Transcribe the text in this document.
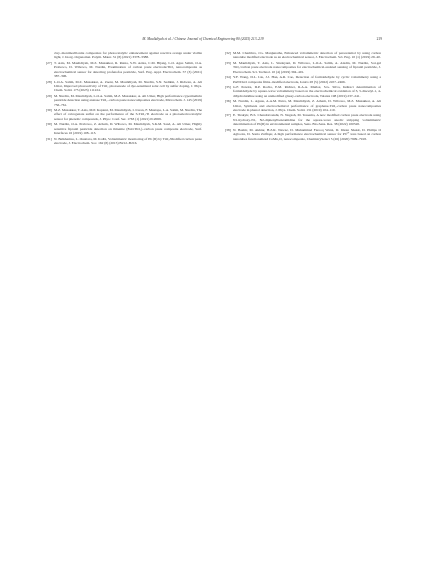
M. Maulidiyah et al. / Chinese Journal of Chemical Engineering 80 (2025) 213–219	219
clay–montmorillonite composites for photocatalytic enhancement against reactive orange under visible light, J. Inorg. Organomet. Polym. Mater. 31 (8) (2021) 3378–3388.
[27] T. Azis, M. Maulidiyah, M.Z. Muzakkar, R. Ratna, S.W. Aziza, C.M. Bijang, L.O. Agus Salim, O.A. Prabowo, D. Wibowo, M. Nurdin, Examination of carbon paste electrode/TiO₂ nanocomposite as electrochemical sensor for detecting profenofos pesticide, Surf. Eng. Appl. Electrochem. 57 (3) (2021) 387–396.
[28] L.O.A. Salim, M.Z. Muzakkar, A. Zaeni, M. Maulidiyah, M. Nurdin, S.N. Sadikin, J. Ridwan, A. Ali Umar, Improved photoactivity of TiO₂ photoanode of dye-sensitized solar cell by sulfur doping, J. Phys. Chem. Solid. 175 (2023) 111224.
[29] M. Nurdin, M. Maulidiyah, L.O.A. Salim, M.Z. Muzakkar, A. Ali Umar, High performance cypermethrin pesticide detection using anatase TiO₂–carbon paste nanocomposites electrode, Microchem. J. 145 (2019) 756–761.
[30] M.Z. Muzakkar, T. Azis, M.P. Kapiani, M. Maulidiyah, I. Irwan, F. Mustapa, L.A. Salim, M. Nurdin, The effect of calcogenate sulfur on the performance of the S-TiO₂/Ti electrode as a photoelectrocatalytic sensor for phenolic compounds, J. Phys.: Conf. Ser. 1763 (1) (2021) 012069.
[30] M. Nurdin, O.A. Prabowo, Z. Arham, D. Wibowo, M. Maulidiyah, S.K.M. Saad, A. Ali Umar, Highly sensitive fipronil pesticide detection on ilmenite (FeO.TiO₂)–carbon paste composite electrode, Surf. Interfaces 16 (2019) 108–113.
[31] N. Belkhamsa, L. Ouattara, M. Kolbi, Voltammetric monitoring of Pb (II) by TiO₂/Modified carbon paste electrode, J. Electrochem. Soc. 162 (8) (2015) B212–B216.
[32] M.M. Charithra, J.G. Manjunatha, Enhanced voltammetric detection of paracetamol by using carbon nanotube modified electrode as an electrochemical sensor, J. Electrochem. Sci. Eng. 10 (1) (2019) 29–40.
[33] M. Maulidiyah, T. Azis, L. Sindayani, D. Wibowo, L.O.A. Salim, A. Aladin, M. Nurdin, Sol-gel TiO₂/carbon paste electrode nanocomposites for electrochemical-assisted sensing of fipronil pesticide, J. Electrochem. Sci. Technol. 10 (4) (2019) 394–401.
[34] Y.F. Wang, D.L. Liu, J.J. Han, A.R. Cao, Detection of formaldehyde by cyclic voltammetry using a PANI/GO composite films–modified electrode, Ionics 28 (5) (2022) 2457–2466.
[35] G.F. Pereira, D.P. Rocha, E.M. Richter, R.A.A. Muñoz, S.G. Silva, Indirect determination of formaldehyde by square-wave voltammetry based on the electrochemical oxidation of 3, 5-diacetyl-1, 4-dihydrolutidine using an unmodified glassy-carbon electrode, Talanta 198 (2019) 237–241.
[36] M. Nurdin, L. Agusu, A.A.M. Putra, M. Maulidiyah, Z. Arham, D. Wibowo, M.Z. Muzakkar, A. Ali Umar, Synthesis and electrochemical performance of graphene-TiO₂-carbon paste nanocomposites electrode in phenol detection, J. Phys. Chem. Solid. 131 (2019) 104–110.
[37] E. Tirakyir, B.S. Chandravanshi, N. Negash, M. Tessema, A new modified carbon paste electrode using N1-hydroxy-N1, N2-diphenylbenzamidine for the square-wave anodic stripping voltammetric determination of Pb(II) in environmental samples, Sens. Bio-Sens. Res. 38 (2022) 100520.
[38] N. Bashir, M. Akhtar, H.Z.R. Nawaz, D. Muhammad Farooq Warsi, D. Imran Shakir, D. Philips O Agboola, D. Sonia Zulfiqar, A high performance electrochemical sensor for Pb²⁺ ions based on carbon nanotubes functionalized CoMn₂O₄ nanocomposite, ChemistrySelect 5 (26) (2020) 7909–7918.
